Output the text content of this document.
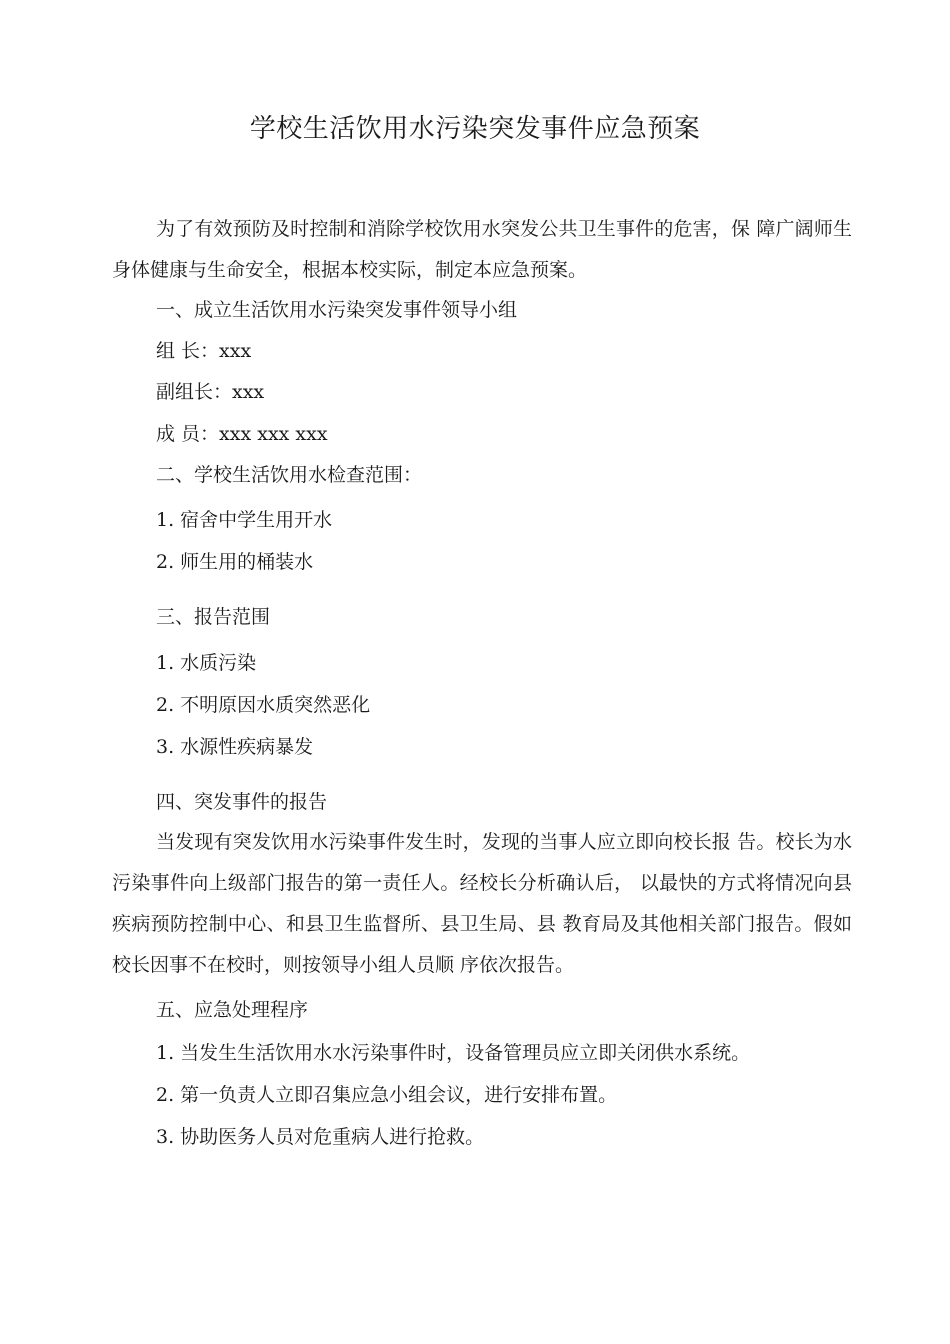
学校生活饮用水污染突发事件应急预案

为了有效预防及时控制和消除学校饮用水突发公共卫生事件的危害，保 障广阔师生身体健康与生命安全，根据本校实际，制定本应急预案。

一、成立生活饮用水污染突发事件领导小组

组 长：xxx

副组长：xxx

成 员：xxx xxx xxx

二、学校生活饮用水检查范围：

1. 宿舍中学生用开水

2. 师生用的桶装水

三、报告范围

1. 水质污染

2. 不明原因水质突然恶化

3. 水源性疾病暴发

四、突发事件的报告

当发现有突发饮用水污染事件发生时，发现的当事人应立即向校长报 告。校长为水污染事件向上级部门报告的第一责任人。经校长分析确认后， 以最快的方式将情况向县疾病预防控制中心、和县卫生监督所、县卫生局、县 教育局及其他相关部门报告。假如校长因事不在校时，则按领导小组人员顺 序依次报告。

五、应急处理程序

1. 当发生生活饮用水水污染事件时，设备管理员应立即关闭供水系统。

2. 第一负责人立即召集应急小组会议，进行安排布置。

3. 协助医务人员对危重病人进行抢救。
